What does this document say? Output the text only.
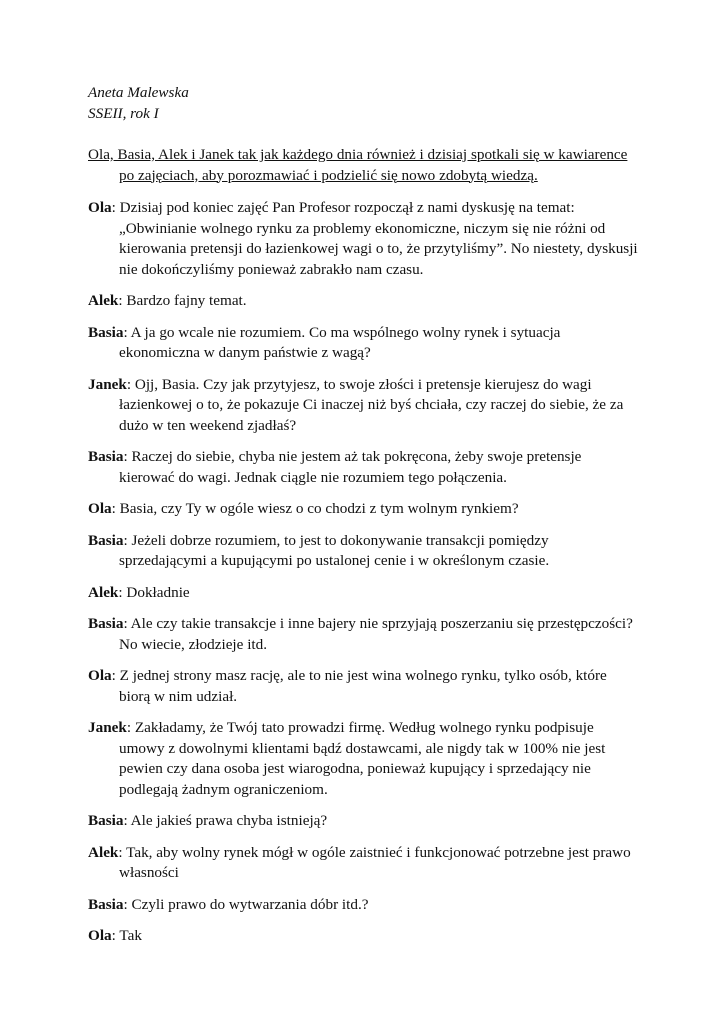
Aneta Malewska

SSEII, rok I

Ola, Basia, Alek i Janek tak jak każdego dnia również i dzisiaj spotkali się w kawiarence po zajęciach, aby porozmawiać i podzielić się nowo zdobytą wiedzą.

Ola: Dzisiaj pod koniec zajęć Pan Profesor rozpoczął z nami dyskusję na temat: „Obwinianie wolnego rynku za problemy ekonomiczne, niczym się nie różni od kierowania pretensji do łazienkowej wagi o to, że przytyliśmy”. No niestety, dyskusji nie dokończyliśmy ponieważ zabrakło nam czasu.

Alek: Bardzo fajny temat.

Basia: A ja go wcale nie rozumiem. Co ma wspólnego wolny rynek i sytuacja ekonomiczna w danym państwie z wagą?

Janek: Ojj, Basia. Czy jak przytyjesz, to swoje złości i pretensje kierujesz do wagi łazienkowej o to, że pokazuje Ci inaczej niż byś chciała, czy raczej do siebie, że za dużo w ten weekend zjadłaś?

Basia: Raczej do siebie, chyba nie jestem aż tak pokręcona, żeby swoje pretensje kierować do wagi. Jednak ciągle nie rozumiem tego połączenia.

Ola: Basia, czy Ty w ogóle wiesz o co chodzi z tym wolnym rynkiem?

Basia: Jeżeli dobrze rozumiem, to jest to dokonywanie transakcji pomiędzy sprzedającymi a kupującymi po ustalonej cenie i w określonym czasie.

Alek: Dokładnie

Basia: Ale czy takie transakcje i inne bajery nie sprzyjają poszerzaniu się przestępczości? No wiecie, złodzieje itd.

Ola: Z jednej strony masz rację, ale to nie jest wina wolnego rynku, tylko osób, które biorą w nim udział.

Janek: Zakładamy, że Twój tato prowadzi firmę. Według wolnego rynku podpisuje umowy z dowolnymi klientami bądź dostawcami, ale nigdy tak w 100% nie jest pewien czy dana osoba jest wiarogodna, ponieważ kupujący i sprzedający nie podlegają żadnym ograniczeniom.

Basia: Ale jakieś prawa chyba istnieją?

Alek: Tak, aby wolny rynek mógł w ogóle zaistnieć i funkcjonować potrzebne jest prawo własności

Basia: Czyli prawo do wytwarzania dóbr itd.?

Ola: Tak
